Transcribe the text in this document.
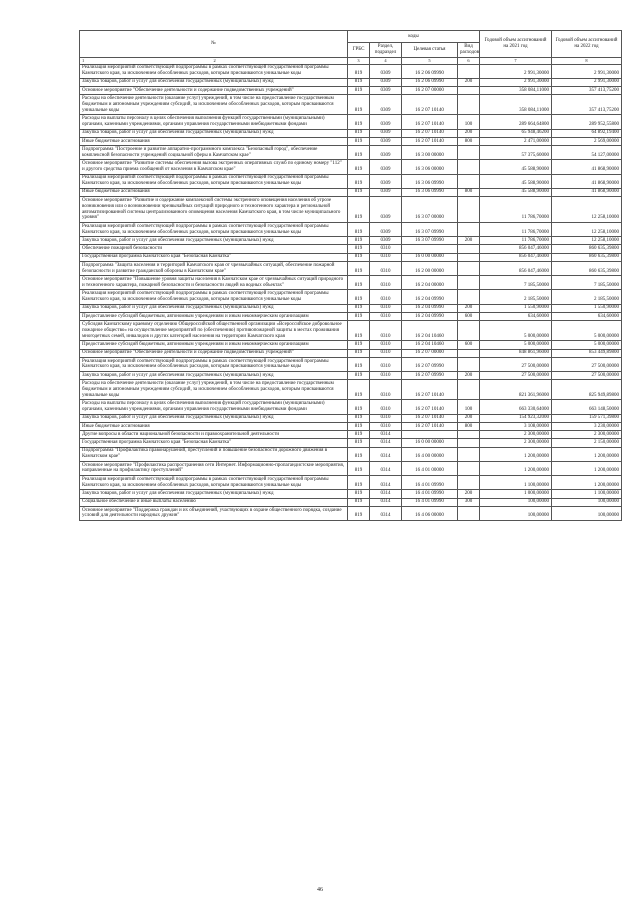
№	коды				Годовой объем ассигнований на 2021 год	Годовой объем ассигнований на 2022 год
	ГРБС	Раздел, подраздел	Целевая статья	Вид расходов		

1 2	3	4	5	6	7	8
Реализация мероприятий соответствующей подпрограммы в рамках соответствующей государственной программы Камчатского края, за исключением обособленных расходов, которым присваиваются уникальные коды	819	0309	16 2 06 09990		2 991,30000	2 991,30000
Закупка товаров, работ и услуг для обеспечения государственных (муниципальных) нужд	819	0309	16 2 06 09990	200	2 991,30000	2 991,30000
Основное мероприятие "Обеспечение деятельности и содержание подведомственных учреждений"	819	0309	16 2 07 00000		358 084,11000	357 413,75200
Расходы на обеспечение деятельности (оказание услуг) учреждений, в том числе на предоставление государственным бюджетным и автономным учреждениям субсидий, за исключением обособленных расходов, которым присваиваются уникальные коды	819	0309	16 2 07 10140		358 084,11000	357 413,75200
Расходы на выплаты персоналу в целях обеспечения выполнения функций государственными (муниципальными) органами, казенными учреждениями, органами управления государственными внебюджетными фондами	819	0309	16 2 07 10140	100	289 664,64800	289 952,55800
Закупка товаров, работ и услуг для обеспечения государственных (муниципальных) нужд	819	0309	16 2 07 10140	200	65 948,46200	64 892,19400
Иные бюджетные ассигнования	819	0309	16 2 07 10140	800	2 471,00000	2 569,00000
Подпрограмма "Построение и развитие аппаратно-программного комплекса "Безопасный город", обеспечение комплексной безопасности учреждений социальной сферы в Камчатском крае"	819	0309	16 3 00 00000		57 375,60000	54 127,00000
Основное мероприятие "Развитие системы обеспечения вызова экстренных оперативных служб по единому номеру "112" и другого средства приема сообщений от населения в Камчатском крае"	819	0309	16 3 06 00000		45 588,90000	41 868,90000
Реализация мероприятий соответствующей подпрограммы в рамках соответствующей государственной программы Камчатского края, за исключением обособленных расходов, которым присваиваются уникальные коды	819	0309	16 3 06 09990		45 588,90000	41 868,90000
Иные бюджетные ассигнования	819	0309	16 3 06 09990	800	45 588,90000	41 868,90000
Основное мероприятие "Развитие и содержание комплексной системы экстренного оповещения населения об угрозе возникновения или о возникновении чрезвычайных ситуаций природного и техногенного характера и региональной автоматизированной системы централизованного оповещения населения Камчатского края, в том числе муниципального уровня"	819	0309	16 3 07 00000		11 786,70000	12 258,10000
Реализация мероприятий соответствующей подпрограммы в рамках соответствующей государственной программы Камчатского края, за исключением обособленных расходов, которым присваиваются уникальные коды	819	0309	16 3 07 09990		11 786,70000	12 258,10000
Закупка товаров, работ и услуг для обеспечения государственных (муниципальных) нужд	819	0309	16 3 07 09990	200	11 786,70000	12 258,10000
Обеспечение пожарной безопасности	819	0310			856 047,46000	860 635,39800
Государственная программа Камчатского края "Безопасная Камчатка"	819	0310	16 0 00 00000		856 047,46000	860 635,39800
Подпрограмма "Защита населения и территорий Камчатского края от чрезвычайных ситуаций, обеспечение пожарной безопасности и развитие гражданской обороны в Камчатском крае"	819	0310	16 2 00 00000		856 047,46000	860 635,39800
Основное мероприятие "Повышение уровня защиты населения в Камчатском крае от чрезвычайных ситуаций природного и техногенного характера, пожарной безопасности и безопасности людей на водных объектах"	819	0310	16 2 04 00000		7 185,50000	7 185,50000
Реализация мероприятий соответствующей подпрограммы в рамках соответствующей государственной программы Камчатского края, за исключением обособленных расходов, которым присваиваются уникальные коды	819	0310	16 2 04 09990		2 185,50000	2 185,50000
Закупка товаров, работ и услуг для обеспечения государственных (муниципальных) нужд	819	0310	16 2 04 09990	200	1 550,90000	1 550,90000
Предоставление субсидий бюджетным, автономным учреждениям и иным некоммерческим организациям	819	0310	16 2 04 09990	600	634,60000	634,60000
Субсидия Камчатскому краевому отделению Общероссийской общественной организации «Всероссийское добровольное пожарное общество» на осуществление мероприятий по (обеспечению) противопожарной защиты в местах проживания многодетных семей, инвалидов и других категорий населения на территории Камчатского края	819	0310	16 2 04 10460		5 000,00000	5 000,00000
Предоставление субсидий бюджетным, автономным учреждениям и иным некоммерческим организациям	819	0310	16 2 04 10460	600	5 000,00000	5 000,00000
Основное мероприятие "Обеспечение деятельности и содержание подведомственных учреждений"	819	0310	16 2 07 00000		848 861,96000	853 449,89800
Реализация мероприятий соответствующей подпрограммы в рамках соответствующей государственной программы Камчатского края, за исключением обособленных расходов, которым присваиваются уникальные коды	819	0310	16 2 07 09990		27 500,00000	27 500,00000
Закупка товаров, работ и услуг для обеспечения государственных (муниципальных) нужд	819	0310	16 2 07 09990	200	27 500,00000	27 500,00000
Расходы на обеспечение деятельности (оказание услуг) учреждений, в том числе на предоставление государственным бюджетным и автономным учреждениям субсидий, за исключением обособленных расходов, которым присваиваются уникальные коды	819	0310	16 2 07 10140		821 361,96000	825 949,89800
Расходы на выплаты персоналу в целях обеспечения выполнения функций государственными (муниципальными) органами, казенными учреждениями, органами управления государственными внебюджетными фондами	819	0310	16 2 07 10140	100	663 330,64000	663 148,50000
Закупка товаров, работ и услуг для обеспечения государственных (муниципальных) нужд	819	0310	16 2 07 10140	200	154 923,32000	159 571,39800
Иные бюджетные ассигнования	819	0310	16 2 07 10140	800	3 108,00000	3 230,00000
Другие вопросы в области национальной безопасности и правоохранительной деятельности	819	0314			2 300,00000	2 300,00000
Государственная программа Камчатского края "Безопасная Камчатка"	819	0314	16 0 00 00000		2 300,00000	2 150,00000
Подпрограмма "Профилактика правонарушений, преступлений и повышение безопасности дорожного движения в Камчатском крае"	819	0314	16 4 00 00000		1 200,00000	1 200,00000
Основное мероприятие "Профилактика распространения сети Интернет. Информационно-пропагандистские мероприятия, направленные на профилактику преступлений"	819	0314	16 4 01 00000		1 200,00000	1 200,00000
Реализация мероприятий соответствующей подпрограммы в рамках соответствующей государственной программы Камчатского края, за исключением обособленных расходов, которым присваиваются уникальные коды	819	0314	16 4 01 09990		1 100,00000	1 200,00000
Закупка товаров, работ и услуг для обеспечения государственных (муниципальных) нужд	819	0314	16 4 01 09990	200	1 000,00000	1 100,00000
Социальное обеспечение и иные выплаты населению	819	0314	16 4 01 09990	300	100,00000	100,00000
Основное мероприятие "Поддержка граждан и их объединений, участвующих в охране общественного порядка, создание условий для деятельности народных дружин"	819	0314	16 4 06 00000		100,00000	100,00000
46
